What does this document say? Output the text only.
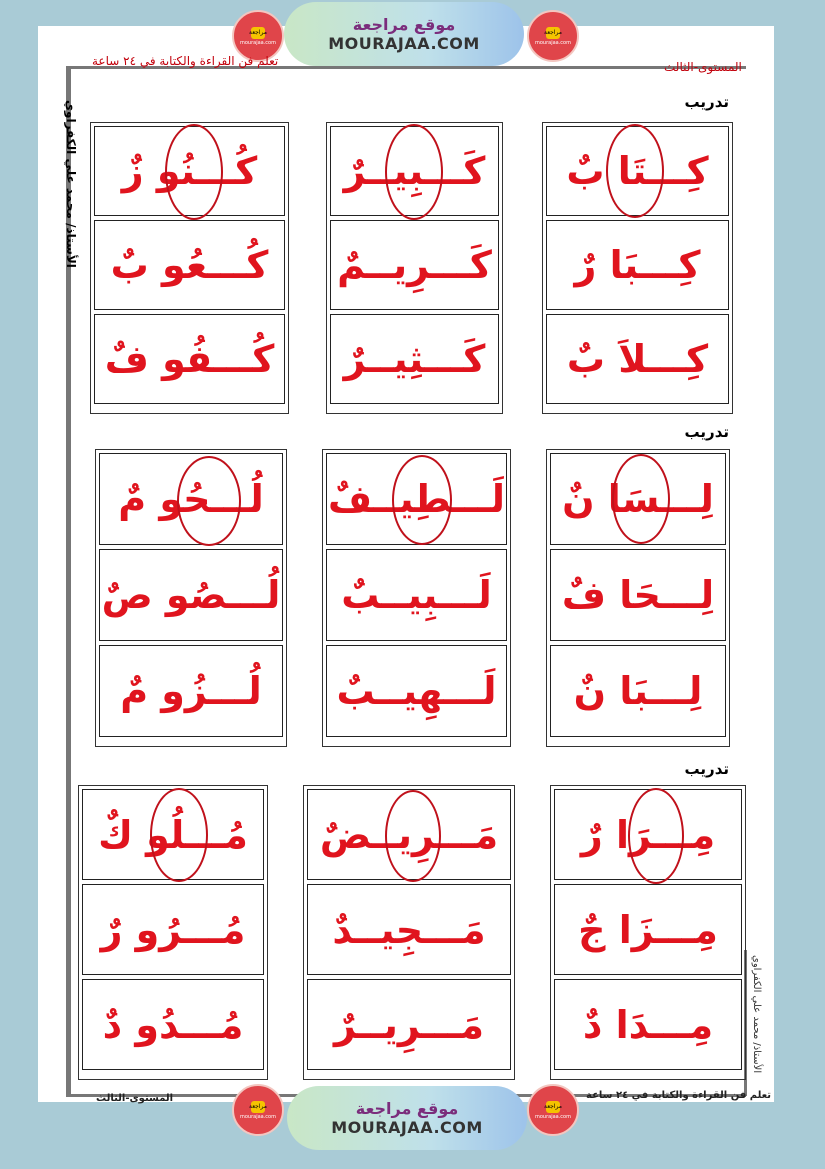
مراجعة
mourajaa.com
موقع مراجعة
MOURAJAA.COM
مراجعة
mourajaa.com
تعلم فن القراءة والكتابة في ٢٤ ساعة	المستوى-الثالث
الأستاذ/ محمد علي الكفراوي
الأستاذ/ محمد علي الكفراوي
تدريب
تدريب
تدريب
كِـــتَا بٌ
كِـــبَا رٌ
كِـــلاَ بٌ
كَـــبِيــرٌ
كَـــرِيــمٌ
كَـــثِيــرٌ
كُـــنُو زٌ
كُـــعُو بٌ
كُـــفُو فٌ
لِـــسَا نٌ
لِـــحَا فٌ
لِـــبَا نٌ
لَـــطِيــفٌ
لَـــبِيــبٌ
لَـــهِيــبٌ
لُـــحُو مٌ
لُـــصُو صٌ
لُـــزُو مٌ
مِـــرَا رٌ
مِـــزَا جٌ
مِـــدَا دٌ
مَـــرِيــضٌ
مَـــجِيــدٌ
مَـــرِيــرٌ
مُـــلُو كٌ
مُـــرُو رٌ
مُـــدُو دٌ
المستوى-الثالث	تعلم فن القراءة والكتابة في ٢٤ ساعة
مراجعة
mourajaa.com	موقع مراجعة
MOURAJAA.COM
مراجعة
mourajaa.com
